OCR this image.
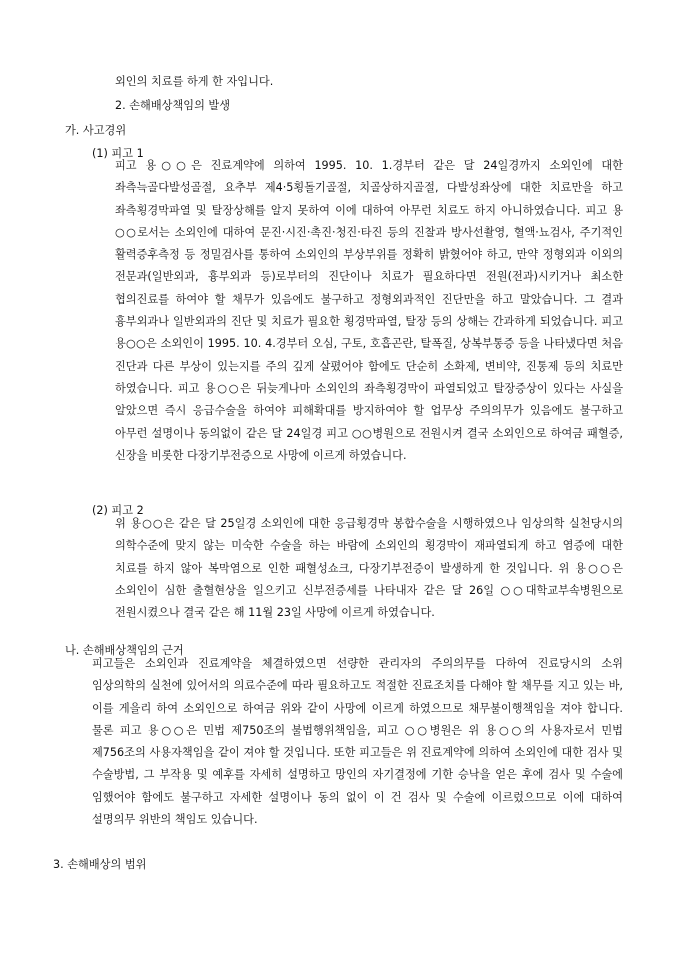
외인의 치료를 하게 한 자입니다.
2. 손해배상책임의 발생
가. 사고경위
(1) 피고 1
피고 용○○은 진료계약에 의하여 1995. 10. 1.경부터 같은 달 24일경까지 소외인에 대한 좌측늑골다발성골절, 요추부 제4·5횡돌기골절, 치골상하지골절, 다발성좌상에 대한 치료만을 하고 좌측횡경막파열 및 탈장상해를 알지 못하여 이에 대하여 아무런 치료도 하지 아니하였습니다. 피고 용○○로서는 소외인에 대하여 문진·시진·촉진·청진·타진 등의 진찰과 방사선촬영, 혈액·뇨검사, 주기적인 활력증후측정 등 정밀검사를 통하여 소외인의 부상부위를 정확히 밝혔어야 하고, 만약 정형외과 이외의 전문과(일반외과, 흉부외과 등)로부터의 진단이나 치료가 필요하다면 전원(전과)시키거나 최소한 협의진료를 하여야 할 채무가 있음에도 불구하고 정형외과적인 진단만을 하고 말았습니다. 그 결과 흉부외과나 일반외과의 진단 및 치료가 필요한 횡경막파열, 탈장 등의 상해는 간과하게 되었습니다. 피고 용○○은 소외인이 1995. 10. 4.경부터 오심, 구토, 호흡곤란, 탈폭질, 상복부통증 등을 나타냈다면 처음 진단과 다른 부상이 있는지를 주의 깊게 살폈어야 함에도 단순히 소화제, 변비약, 진통제 등의 치료만 하였습니다. 피고 용○○은 뒤늦게나마 소외인의 좌측횡경막이 파열되었고 탈장증상이 있다는 사실을 알았으면 즉시 응급수술을 하여야 피해확대를 방지하여야 할 업무상 주의의무가 있음에도 불구하고 아무런 설명이나 동의없이 같은 달 24일경 피고 ○○병원으로 전원시켜 결국 소외인으로 하여금 패혈증, 신장을 비롯한 다장기부전증으로 사망에 이르게 하였습니다.
(2) 피고 2
위 용○○은 같은 달 25일경 소외인에 대한 응급횡경막 봉합수술을 시행하였으나 임상의학 실천당시의 의학수준에 맞지 않는 미숙한 수술을 하는 바람에 소외인의 횡경막이 재파열되게 하고 염증에 대한 치료를 하지 않아 복막염으로 인한 패혈성쇼크, 다장기부전증이 발생하게 한 것입니다. 위 용○○은 소외인이 심한 출혈현상을 일으키고 신부전증세를 나타내자 같은 달 26일 ○○대학교부속병원으로 전원시켰으나 결국 같은 해 11월 23일 사망에 이르게 하였습니다.
나. 손해배상책임의 근거
피고들은 소외인과 진료계약을 체결하였으면 선량한 관리자의 주의의무를 다하여 진료당시의 소위 임상의학의 실천에 있어서의 의료수준에 따라 필요하고도 적절한 진료조치를 다해야 할 채무를 지고 있는 바, 이를 게을리 하여 소외인으로 하여금 위와 같이 사망에 이르게 하였으므로 채무불이행책임을 져야 합니다. 물론 피고 용○○은 민법 제750조의 불법행위책임을, 피고 ○○병원은 위 용○○의 사용자로서 민법 제756조의 사용자책임을 같이 져야 할 것입니다. 또한 피고들은 위 진료계약에 의하여 소외인에 대한 검사 및 수술방법, 그 부작용 및 예후를 자세히 설명하고 망인의 자기결정에 기한 승낙을 얻은 후에 검사 및 수술에 임했어야 함에도 불구하고 자세한 설명이나 동의 없이 이 건 검사 및 수술에 이르렀으므로 이에 대하여 설명의무 위반의 책임도 있습니다.
3. 손해배상의 범위
